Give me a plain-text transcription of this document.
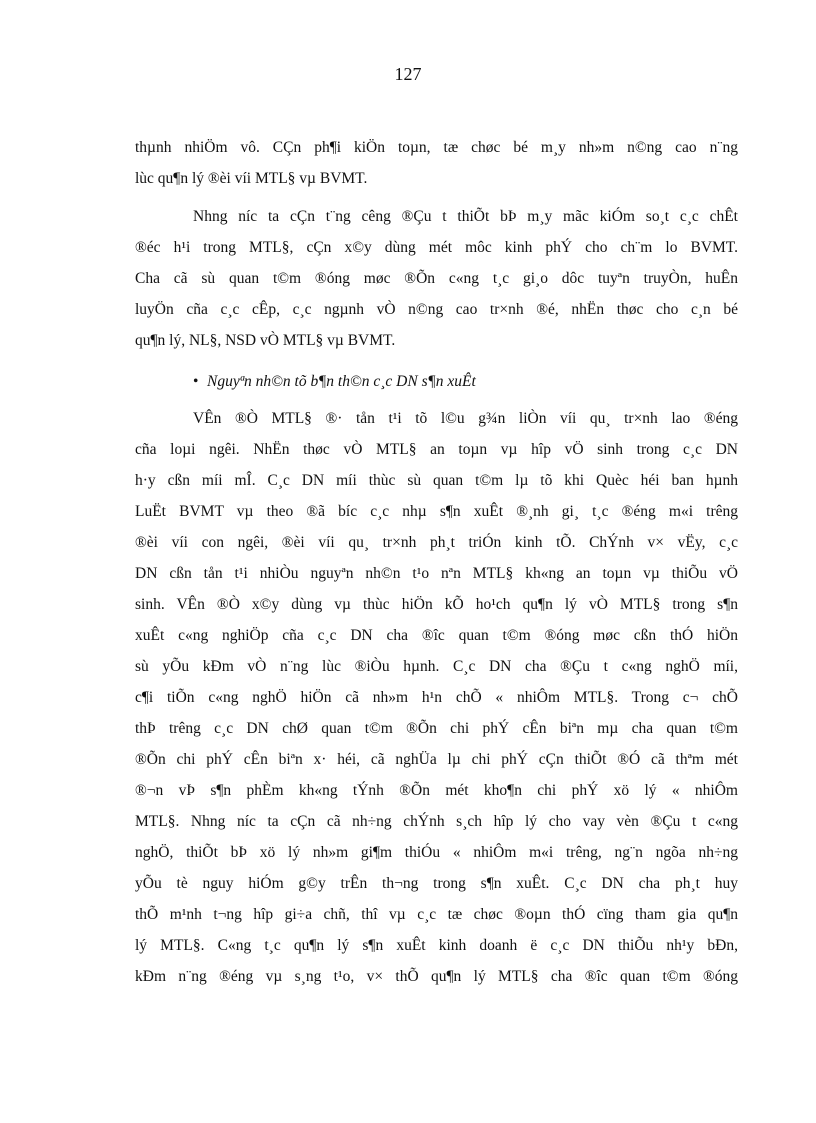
127
thµnh nhiÖm vô. CÇn ph¶i kiÖn toµn, tæ chøc bé m¸y nh»m n©ng cao n¨ng
lùc qu¶n lý ®èi víi MTL§ vµ BVMT.
Nhng níc ta cÇn t¨ng cêng ®Çu t thiÕt bÞ m¸y mãc kiÓm so¸t c¸c chÊt
®éc h¹i trong MTL§, cÇn x©y dùng mét môc kinh phÝ cho ch¨m lo BVMT.
Cha cã sù quan t©m ®óng møc ®Õn c«ng t¸c gi¸o dôc tuyªn truyÒn, huÊn
luyÖn cña c¸c cÊp, c¸c ngµnh vÒ n©ng cao tr×nh ®é, nhËn thøc cho c¸n bé
qu¶n lý, NL§, NSD vÒ MTL§ vµ BVMT.
• Nguyªn nh©n tõ b¶n th©n c¸c DN s¶n xuÊt
VÊn ®Ò MTL§ ®· tån t¹i tõ l©u g¾n liÒn víi qu¸ tr×nh lao ®éng
cña loµi ngêi. NhËn thøc vÒ MTL§ an toµn vµ hîp vÖ sinh trong c¸c DN
h·y cßn míi mÎ. C¸c DN míi thùc sù quan t©m lµ tõ khi Quèc héi ban hµnh
LuËt BVMT vµ theo ®ã bíc c¸c nhµ s¶n xuÊt ®¸nh gi¸ t¸c ®éng m«i trêng
®èi víi con ngêi, ®èi víi qu¸ tr×nh ph¸t triÓn kinh tÕ. ChÝnh v× vËy, c¸c
DN cßn tån t¹i nhiÒu nguyªn nh©n t¹o nªn MTL§ kh«ng an toµn vµ thiÕu vÖ
sinh. VÊn ®Ò x©y dùng vµ thùc hiÖn kÕ ho¹ch qu¶n lý vÒ MTL§ trong s¶n
xuÊt c«ng nghiÖp cña c¸c DN cha ®îc quan t©m ®óng møc cßn thÓ hiÖn
sù yÕu kÐm vÒ n¨ng lùc ®iÒu hµnh. C¸c DN cha ®Çu t c«ng nghÖ míi,
c¶i tiÕn c«ng nghÖ hiÖn cã nh»m h¹n chÕ « nhiÔm MTL§. Trong c¬ chÕ
thÞ trêng c¸c DN chØ quan t©m ®Õn chi phÝ cÊn biªn mµ cha quan t©m
®Õn chi phÝ cÊn biªn x· héi, cã nghÜa lµ chi phÝ cÇn thiÕt ®Ó cã thªm mét
®¬n vÞ s¶n phÈm kh«ng tÝnh ®Õn mét kho¶n chi phÝ xö lý « nhiÔm
MTL§. Nhng níc ta cÇn cã nh÷ng chÝnh s¸ch hîp lý cho vay vèn ®Çu t c«ng
nghÖ, thiÕt bÞ xö lý nh»m gi¶m thiÓu « nhiÔm m«i trêng, ng¨n ngõa nh÷ng
yÕu tè nguy hiÓm g©y trÊn th¬ng trong s¶n xuÊt. C¸c DN cha ph¸t huy
thÕ m¹nh t¬ng hîp gi÷a chñ, thî vµ c¸c tæ chøc ®oµn thÓ cïng tham gia qu¶n
lý MTL§. C«ng t¸c qu¶n lý s¶n xuÊt kinh doanh ë c¸c DN thiÕu nh¹y bÐn,
kÐm n¨ng ®éng vµ s¸ng t¹o, v× thÕ qu¶n lý MTL§ cha ®îc quan t©m ®óng
